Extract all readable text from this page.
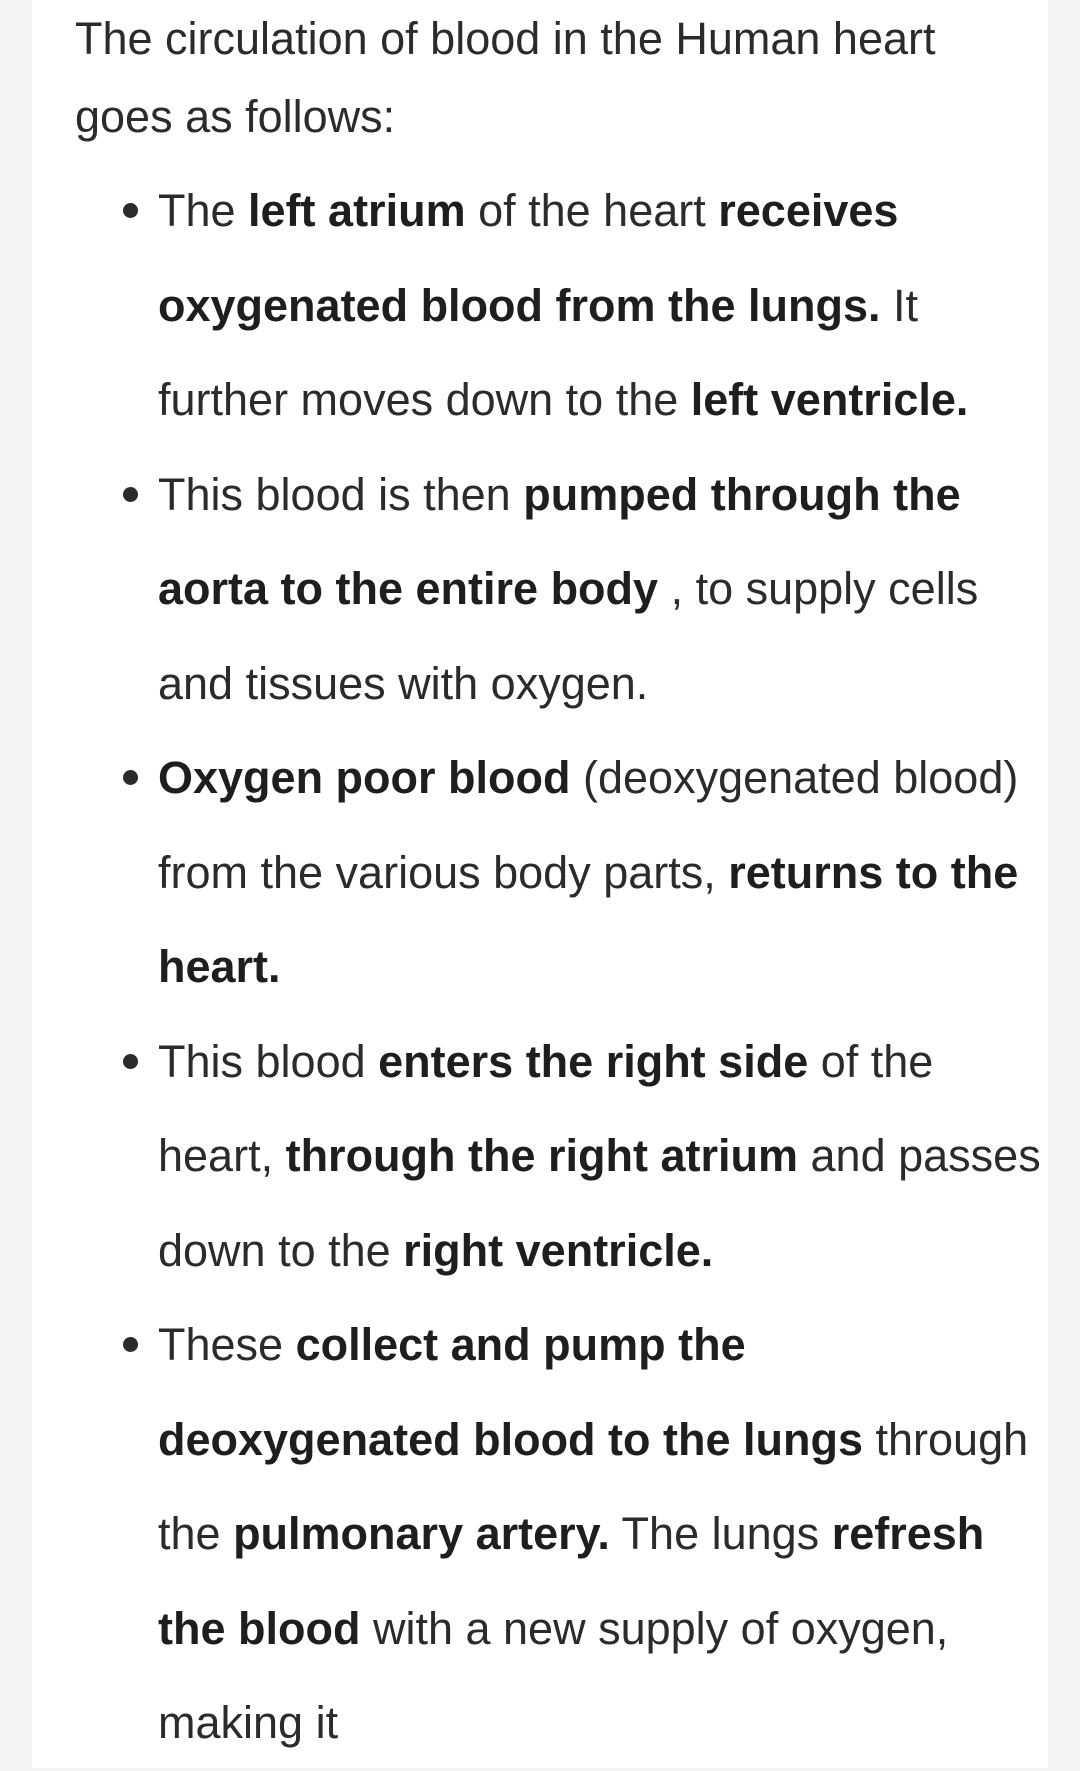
The circulation of blood in the Human heart goes as follows:

The left atrium of the heart receives oxygenated blood from the lungs. It further moves down to the left ventricle.
This blood is then pumped through the aorta to the entire body , to supply cells and tissues with oxygen.
Oxygen poor blood (deoxygenated blood) from the various body parts, returns to the heart.
This blood enters the right side of the heart, through the right atrium and passes down to the right ventricle.
These collect and pump the deoxygenated blood to the lungs through the pulmonary artery. The lungs refresh the blood with a new supply of oxygen, making it
